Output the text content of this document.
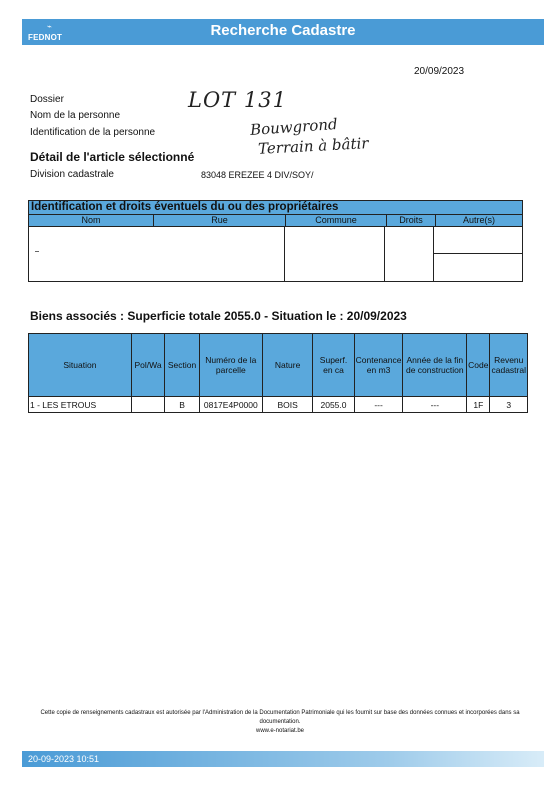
⌁
FEDNOT	Recherche Cadastre
20/09/2023
Dossier
Nom de la personne
Identification de la personne
LOT 131
Bouwgrond
Terrain à bâtir
Détail de l'article sélectionné
Division cadastrale	83048 EREZEE 4 DIV/SOY/
Identification et droits éventuels du ou des propriétaires
Nom	Rue	Commune	Droits	Autre(s)
Biens associés : Superficie totale 2055.0 - Situation le : 20/09/2023
Situation	Pol/Wa	Section	Numéro de la parcelle	Nature	Superf. en ca	Contenance en m3	Année de la fin de construction	Code	Revenu cadastral
1 - LES ETROUS		B	0817E4P0000	BOIS	2055.0	---	---	1F	3
Cette copie de renseignements cadastraux est autorisée par l'Administration de la Documentation Patrimoniale qui les fournit sur base des données connues et incorporées dans sa documentation.
www.e-notariat.be
20-09-2023 10:51
